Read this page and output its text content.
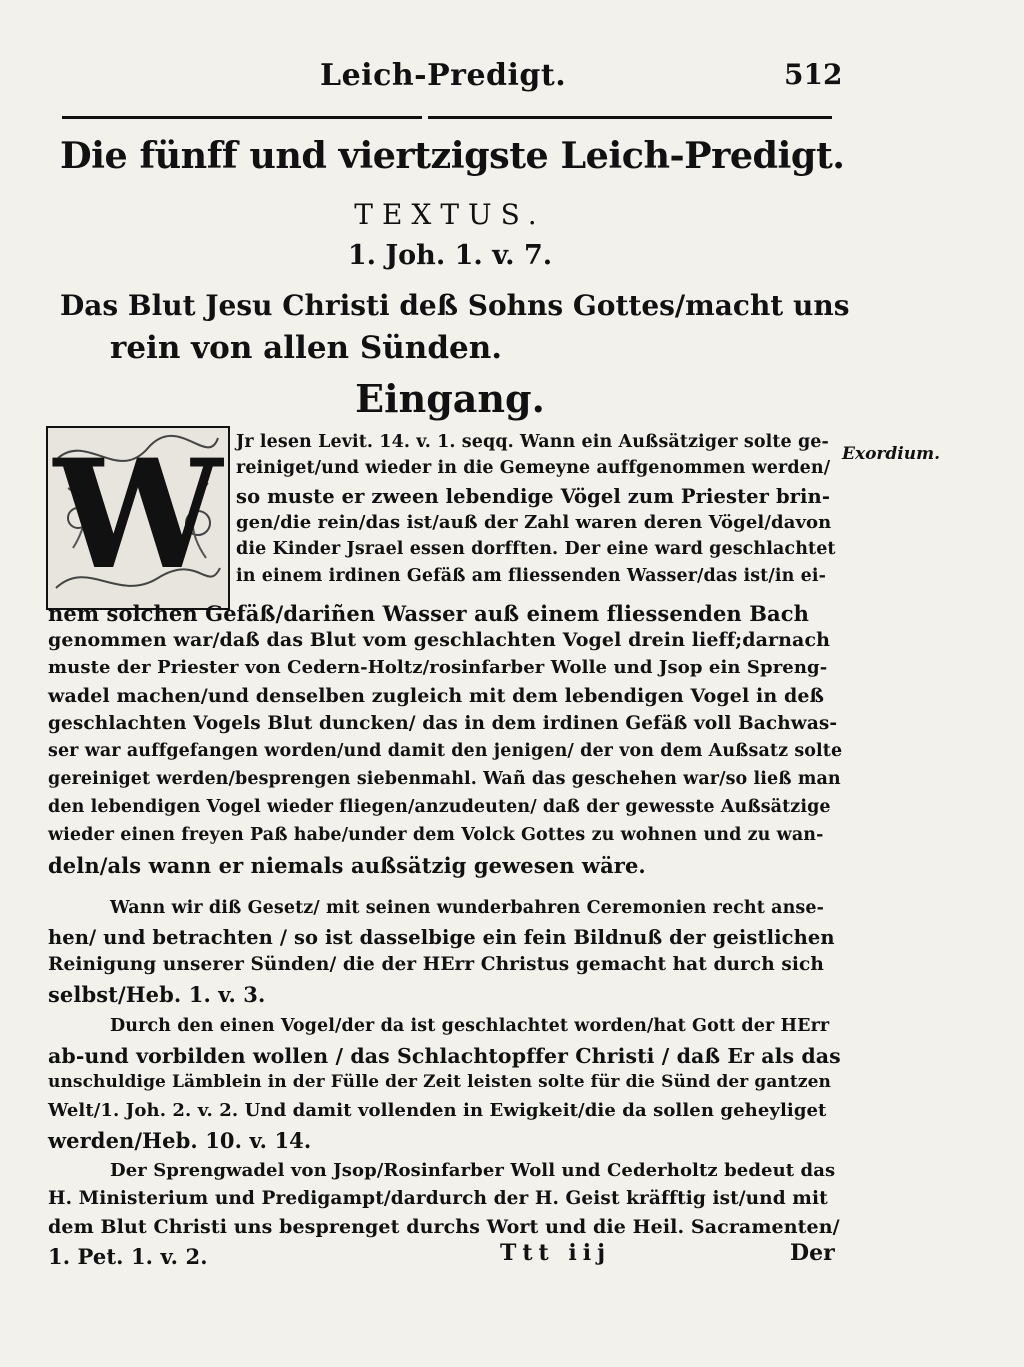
Leich-Predigt.	512
Die fünff und viertzigste Leich-Predigt.
TEXTUS.
1. Joh. 1. v. 7.
Das Blut Jesu Christi deß Sohns Gottes/macht uns
rein von allen Sünden.
Eingang.
W	Exordium.
Jr lesen Levit. 14. v. 1. seqq. Wann ein Außsätziger solte ge-
reiniget/und wieder in die Gemeyne auffgenommen werden/
so muste er zween lebendige Vögel zum Priester brin-
gen/die rein/das ist/auß der Zahl waren deren Vögel/davon
die Kinder Jsrael essen dorfften. Der eine ward geschlachtet
in einem irdinen Gefäß am fliessenden Wasser/das ist/in ei-
nem solchen Gefäß/dariñen Wasser auß einem fliessenden Bach
genommen war/daß das Blut vom geschlachten Vogel drein lieff;darnach
muste der Priester von Cedern-Holtz/rosinfarber Wolle und Jsop ein Spreng-
wadel machen/und denselben zugleich mit dem lebendigen Vogel in deß
geschlachten Vogels Blut duncken/ das in dem irdinen Gefäß voll Bachwas-
ser war auffgefangen worden/und damit den jenigen/ der von dem Außsatz solte
gereiniget werden/besprengen siebenmahl. Wañ das geschehen war/so ließ man
den lebendigen Vogel wieder fliegen/anzudeuten/ daß der gewesste Außsätzige
wieder einen freyen Paß habe/under dem Volck Gottes zu wohnen und zu wan-
deln/als wann er niemals außsätzig gewesen wäre.
Wann wir diß Gesetz/ mit seinen wunderbahren Ceremonien recht anse-
hen/ und betrachten / so ist dasselbige ein fein Bildnuß der geistlichen
Reinigung unserer Sünden/ die der HErr Christus gemacht hat durch sich
selbst/Heb. 1. v. 3.
Durch den einen Vogel/der da ist geschlachtet worden/hat Gott der HErr
ab-und vorbilden wollen / das Schlachtopffer Christi / daß Er als das
unschuldige Lämblein in der Fülle der Zeit leisten solte für die Sünd der gantzen
Welt/1. Joh. 2. v. 2. Und damit vollenden in Ewigkeit/die da sollen geheyliget
werden/Heb. 10. v. 14.
Der Sprengwadel von Jsop/Rosinfarber Woll und Cederholtz bedeut das
H. Ministerium und Predigampt/dardurch der H. Geist kräfftig ist/und mit
dem Blut Christi uns besprenget durchs Wort und die Heil. Sacramenten/
1. Pet. 1. v. 2.	Ttt iij	Der
